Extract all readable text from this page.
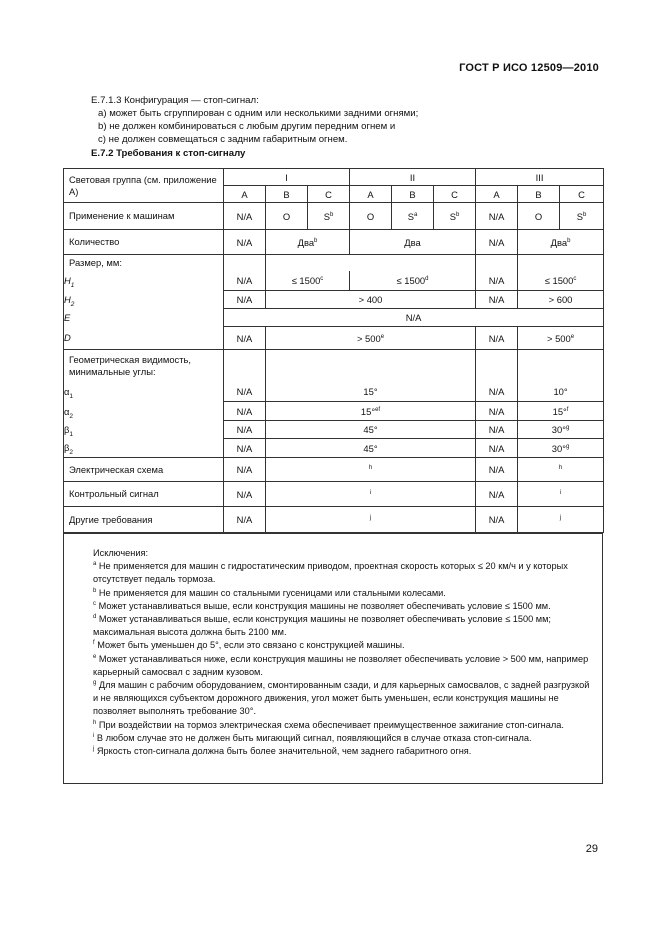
ГОСТ Р ИСО 12509—2010
Е.7.1.3 Конфигурация — стоп-сигнал:
а) может быть сгруппирован с одним или несколькими задними огнями;
b) не должен комбинироваться с любым другим передним огнем и
с) не должен совмещаться с задним габаритным огнем.
Е.7.2 Требования к стоп-сигналу
Световая группа (см. приложение А)	I			II			III		
	A	B	C	A	B	C	A	B	C
Применение к машинам	N/A	O	$S^b$	O	$S^a$	$S^b$	N/A	O	$S^b$
Количество	N/A	Два$^b$		Два			N/A	Два$^b$
Размер, мм:									
$H_1$	N/A	≤ $1500^c$		≤ $1500^d$			N/A	≤ $1500^c$
$H_2$	N/A	> 400					N/A	> 600	
E	N/A								
D	N/A	> $500^e$					N/A	> $500^e$
Геометрическая видимость, минимальные углы:									
$\alpha_1$	N/A	15°					N/A	10°	
$\alpha_2$	N/A	15°$^{ef}$					N/A	15°$^f$
$\beta_1$	N/A	45°					N/A	30°$^g$
$\beta_2$	N/A	45°					N/A	30°$^g$
Электрическая схема	N/A	$^h$					N/A	$^h$
Контрольный сигнал	N/A	$^i$					N/A	$^i$
Другие требования	N/A	$^j$					N/A	$^j$
Исключения:
$^a$ Не применяется для машин с гидростатическим приводом, проектная скорость которых ≤ 20 км/ч и у которых отсутствует педаль тормоза.
$^b$ Не применяется для машин со стальными гусеницами или стальными колесами.
$^c$ Может устанавливаться выше, если конструкция машины не позволяет обеспечивать условие ≤ 1500 мм.
$^d$ Может устанавливаться выше, если конструкция машины не позволяет обеспечивать условие ≤ 1500 мм; максимальная высота должна быть 2100 мм.
$^f$ Может быть уменьшен до 5°, если это связано с конструкцией машины.
$^e$ Может устанавливаться ниже, если конструкция машины не позволяет обеспечивать условие > 500 мм, например карьерный самосвал с задним кузовом.
$^g$ Для машин с рабочим оборудованием, смонтированным сзади, и для карьерных самосвалов, с задней разгрузкой и не являющихся субъектом дорожного движения, угол может быть уменьшен, если конструкция машины не позволяет выполнять требование 30°.
$^h$ При воздействии на тормоз электрическая схема обеспечивает преимущественное зажигание стоп-сигнала.
$^i$ В любом случае это не должен быть мигающий сигнал, появляющийся в случае отказа стоп-сигнала.
$^j$ Яркость стоп-сигнала должна быть более значительной, чем заднего габаритного огня.
29
